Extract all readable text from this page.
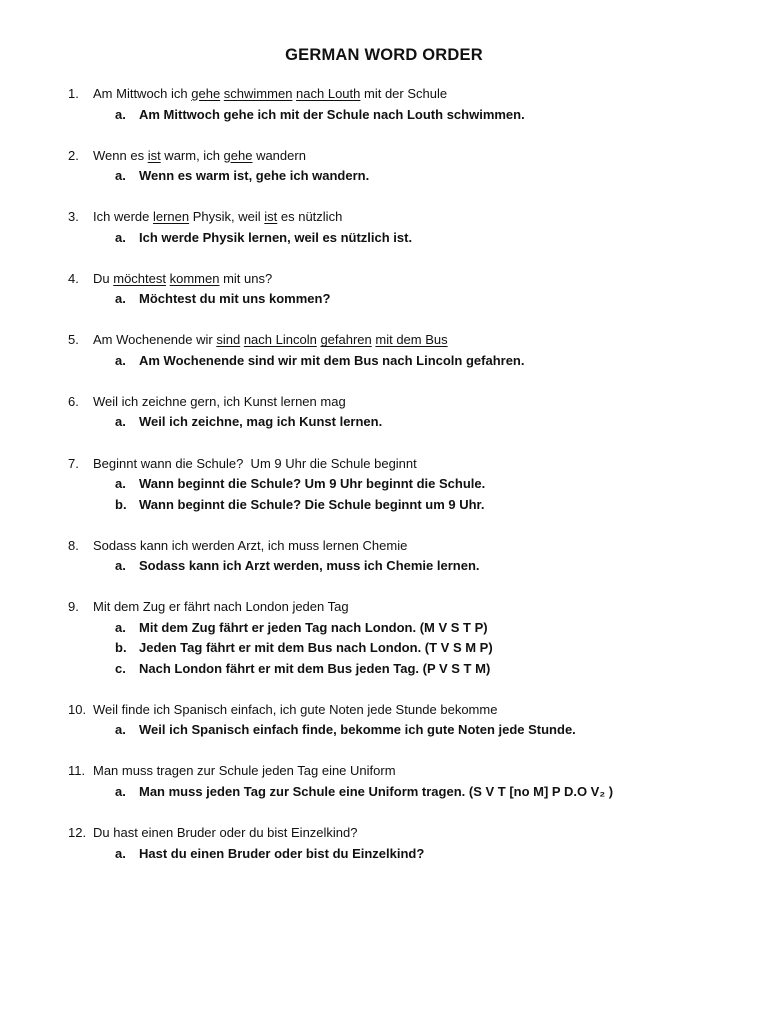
GERMAN WORD ORDER
1. Am Mittwoch ich gehe schwimmen nach Louth mit der Schule
a. Am Mittwoch gehe ich mit der Schule nach Louth schwimmen.
2. Wenn es ist warm, ich gehe wandern
a. Wenn es warm ist, gehe ich wandern.
3. Ich werde lernen Physik, weil ist es nützlich
a. Ich werde Physik lernen, weil es nützlich ist.
4. Du möchtest kommen mit uns?
a. Möchtest du mit uns kommen?
5. Am Wochenende wir sind nach Lincoln gefahren mit dem Bus
a. Am Wochenende sind wir mit dem Bus nach Lincoln gefahren.
6. Weil ich zeichne gern, ich Kunst lernen mag
a. Weil ich zeichne, mag ich Kunst lernen.
7. Beginnt wann die Schule?  Um 9 Uhr die Schule beginnt
a. Wann beginnt die Schule? Um 9 Uhr beginnt die Schule.
b. Wann beginnt die Schule? Die Schule beginnt um 9 Uhr.
8. Sodass kann ich werden Arzt, ich muss lernen Chemie
a. Sodass kann ich Arzt werden, muss ich Chemie lernen.
9. Mit dem Zug er fährt nach London jeden Tag
a. Mit dem Zug fährt er jeden Tag nach London. (M V S T P)
b. Jeden Tag fährt er mit dem Bus nach London. (T V S M P)
c. Nach London fährt er mit dem Bus jeden Tag. (P V S T M)
10. Weil finde ich Spanisch einfach, ich gute Noten jede Stunde bekomme
a. Weil ich Spanisch einfach finde, bekomme ich gute Noten jede Stunde.
11. Man muss tragen zur Schule jeden Tag eine Uniform
a. Man muss jeden Tag zur Schule eine Uniform tragen. (S V T [no M] P D.O V₂ )
12. Du hast einen Bruder oder du bist Einzelkind?
a. Hast du einen Bruder oder bist du Einzelkind?
